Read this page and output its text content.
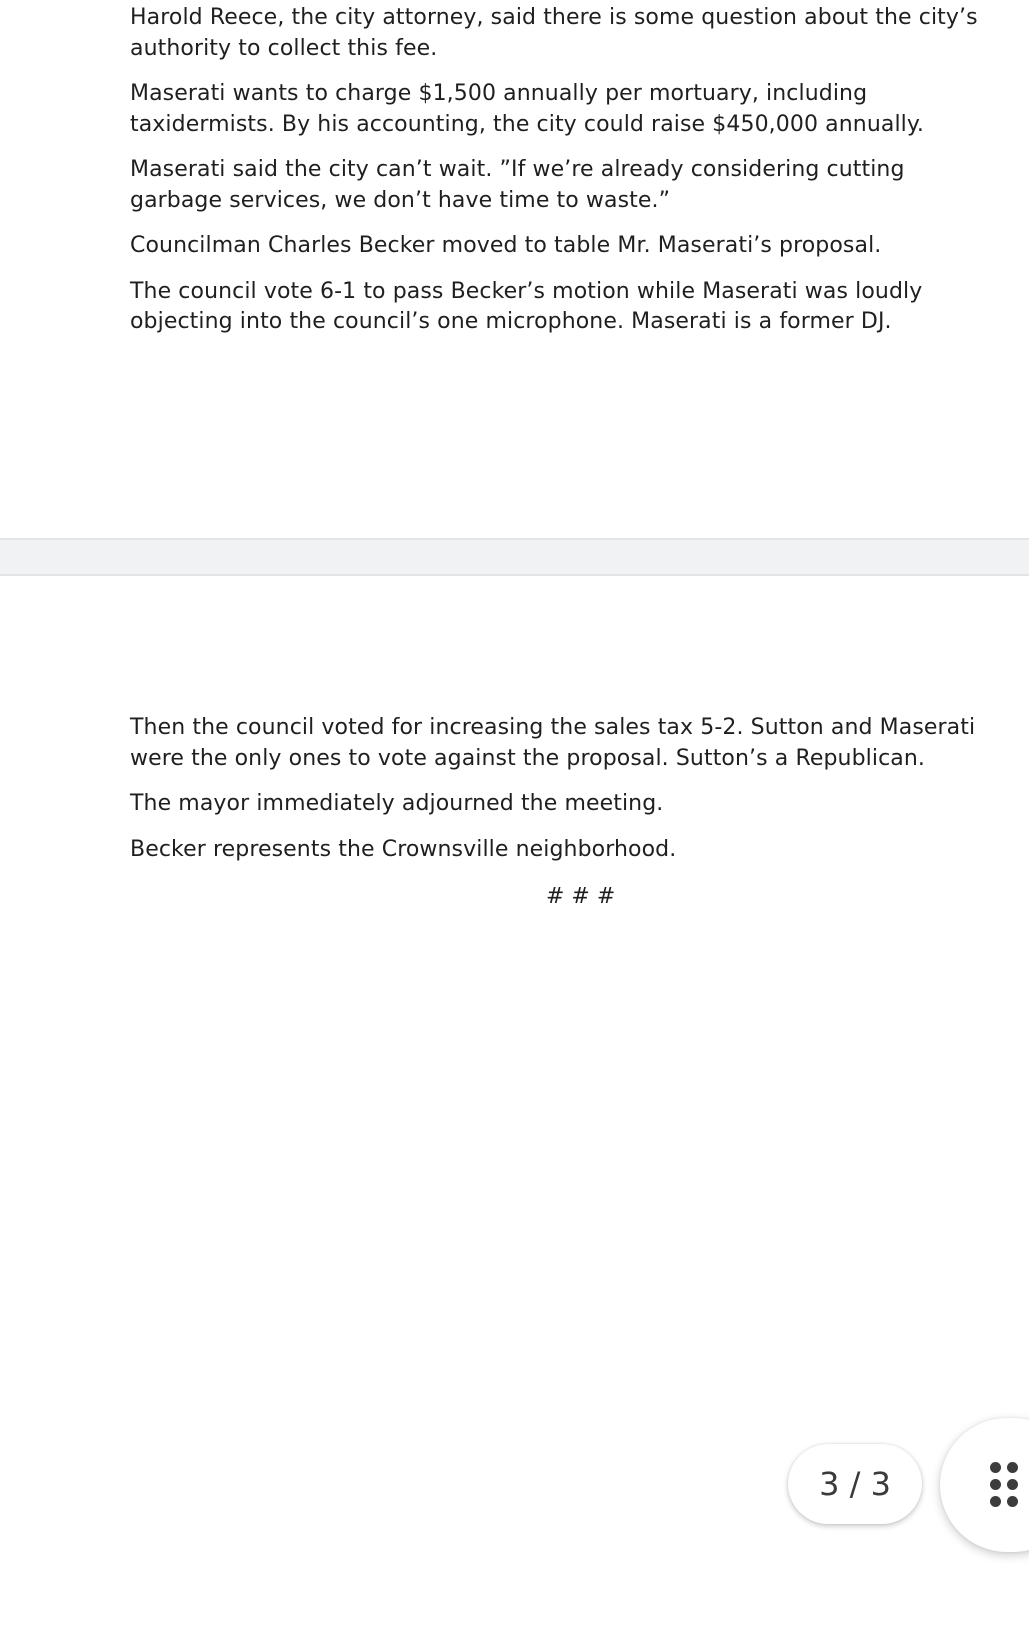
Harold Reece, the city attorney, said there is some question about the city’s
authority to collect this fee.

Maserati wants to charge $1,500 annually per mortuary, including
taxidermists. By his accounting, the city could raise $450,000 annually.

Maserati said the city can’t wait. ”If we’re already considering cutting
garbage services, we don’t have time to waste.”

Councilman Charles Becker moved to table Mr. Maserati’s proposal.

The council vote 6-1 to pass Becker’s motion while Maserati was loudly
objecting into the council’s one microphone. Maserati is a former DJ.

Then the council voted for increasing the sales tax 5-2. Sutton and Maserati
were the only ones to vote against the proposal. Sutton’s a Republican.

The mayor immediately adjourned the meeting.

Becker represents the Crownsville neighborhood.

# # #
3 / 3
